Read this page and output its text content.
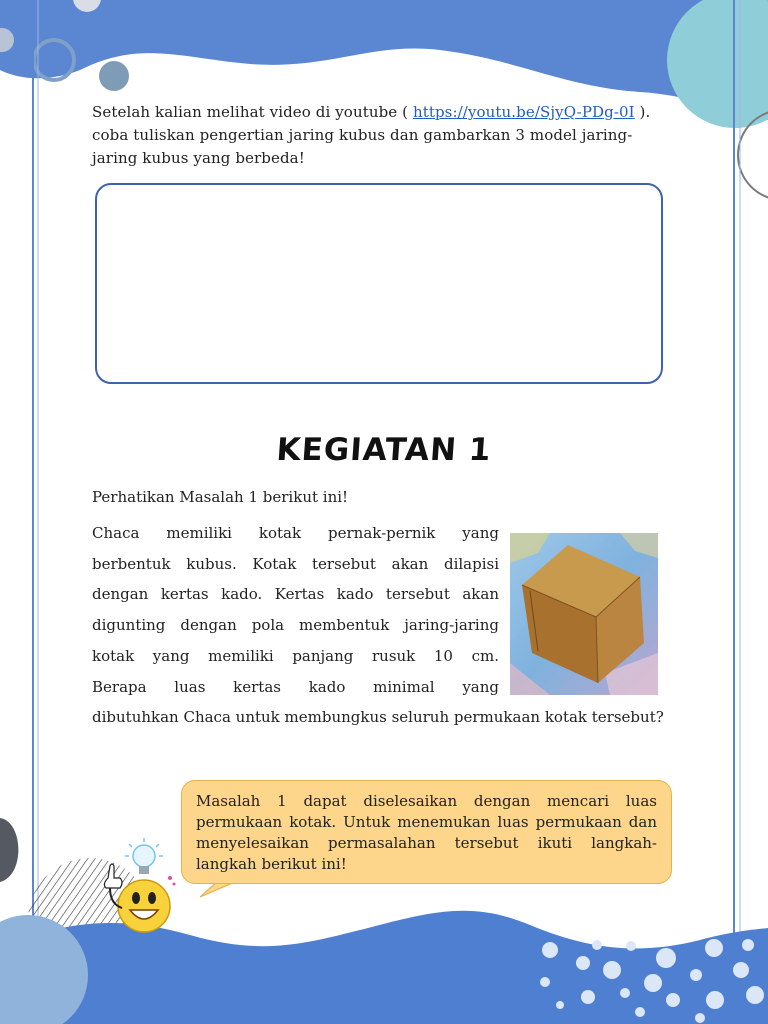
Setelah kalian melihat video di youtube ( https://youtu.be/SjyQ-PDg-0I ). coba tuliskan pengertian jaring kubus dan gambarkan 3 model jaring-jaring kubus yang berbeda!
KEGIATAN 1
Perhatikan Masalah 1 berikut ini!
Chaca memiliki kotak pernak-pernik yang
berbentuk kubus. Kotak tersebut akan dilapisi
dengan kertas kado. Kertas kado tersebut akan
digunting dengan pola membentuk jaring-jaring
kotak yang memiliki panjang rusuk 10 cm.
Berapa luas kertas kado minimal yang
dibutuhkan Chaca untuk membungkus seluruh permukaan kotak tersebut?
Masalah 1 dapat diselesaikan dengan mencari luas permukaan kotak. Untuk menemukan luas permukaan dan menyelesaikan permasalahan tersebut ikuti langkah-langkah berikut ini!
